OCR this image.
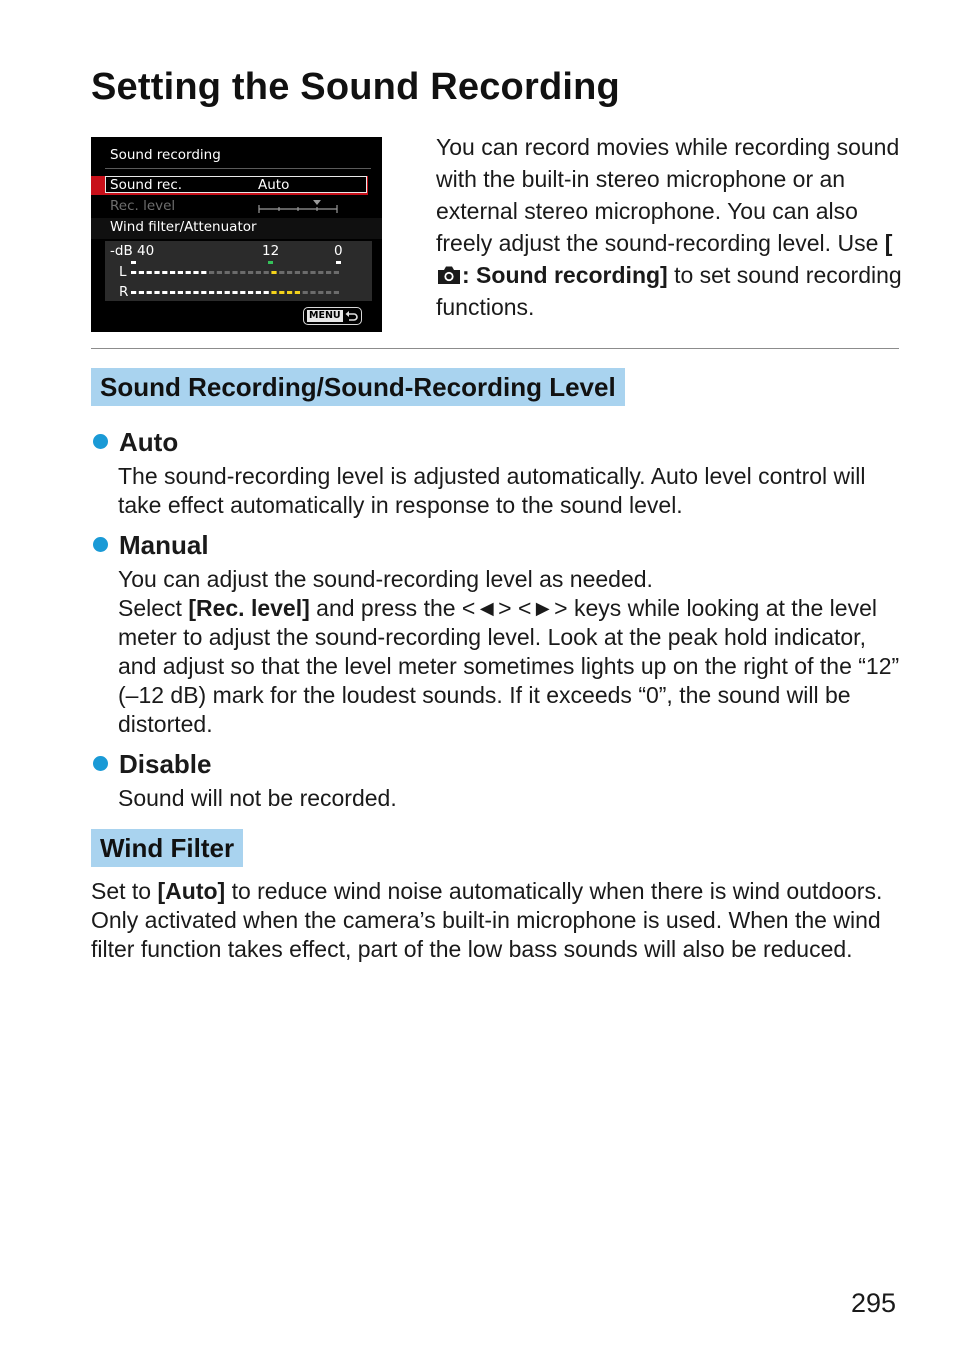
Setting the Sound Recording
Sound recording
Sound rec.	Auto
Rec. level
Wind filter/Attenuator
-dB 40	12	0
L
R
MENU

You can record movies while recording sound with the built-in stereo microphone or an external stereo microphone. You can also freely adjust the sound-recording level. Use [: Sound recording] to set sound recording functions.

Sound Recording/Sound-Recording Level
Auto

The sound-recording level is adjusted automatically. Auto level control will take effect automatically in response to the sound level.

Manual

You can adjust the sound-recording level as needed.
Select [Rec. level] and press the <◄> <►> keys while looking at the level meter to adjust the sound-recording level. Look at the peak hold indicator, and adjust so that the level meter sometimes lights up on the right of the “12” (–12 dB) mark for the loudest sounds. If it exceeds “0”, the sound will be distorted.

Disable

Sound will not be recorded.

Wind Filter

Set to [Auto] to reduce wind noise automatically when there is wind outdoors. Only activated when the camera’s built-in microphone is used. When the wind filter function takes effect, part of the low bass sounds will also be reduced.

295
